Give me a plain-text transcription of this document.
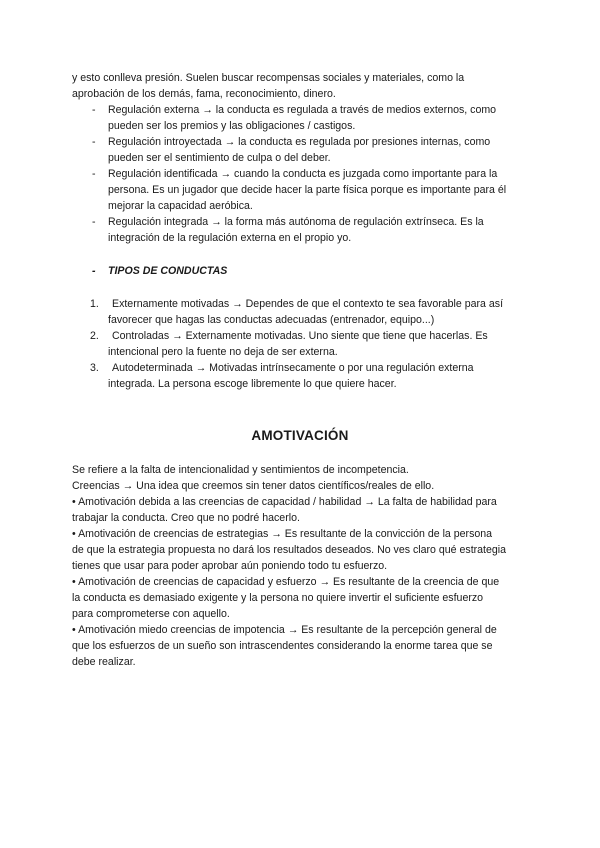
y esto conlleva presión. Suelen buscar recompensas sociales y materiales, como la
aprobación de los demás, fama, reconocimiento, dinero.
- Regulación externa → la conducta es regulada a través de medios externos, como
pueden ser los premios y las obligaciones / castigos.
- Regulación introyectada → la conducta es regulada por presiones internas, como
pueden ser el sentimiento de culpa o del deber.
- Regulación identificada → cuando la conducta es juzgada como importante para la
persona. Es un jugador que decide hacer la parte física porque es importante para él
mejorar la capacidad aeróbica.
- Regulación integrada → la forma más autónoma de regulación extrínseca. Es la
integración de la regulación externa en el propio yo.
- TIPOS DE CONDUCTAS
1. Externamente motivadas → Dependes de que el contexto te sea favorable para así
favorecer que hagas las conductas adecuadas (entrenador, equipo...)
2. Controladas → Externamente motivadas. Uno siente que tiene que hacerlas. Es
intencional pero la fuente no deja de ser externa.
3. Autodeterminada → Motivadas intrínsecamente o por una regulación externa
integrada. La persona escoge libremente lo que quiere hacer.
AMOTIVACIÓN
Se refiere a la falta de intencionalidad y sentimientos de incompetencia.
Creencias → Una idea que creemos sin tener datos científicos/reales de ello.
• Amotivación debida a las creencias de capacidad / habilidad → La falta de habilidad para
trabajar la conducta. Creo que no podré hacerlo.
• Amotivación de creencias de estrategias → Es resultante de la convicción de la persona
de que la estrategia propuesta no dará los resultados deseados. No ves claro qué estrategia
tienes que usar para poder aprobar aún poniendo todo tu esfuerzo.
• Amotivación de creencias de capacidad y esfuerzo → Es resultante de la creencia de que
la conducta es demasiado exigente y la persona no quiere invertir el suficiente esfuerzo
para comprometerse con aquello.
• Amotivación miedo creencias de impotencia → Es resultante de la percepción general de
que los esfuerzos de un sueño son intrascendentes considerando la enorme tarea que se
debe realizar.
